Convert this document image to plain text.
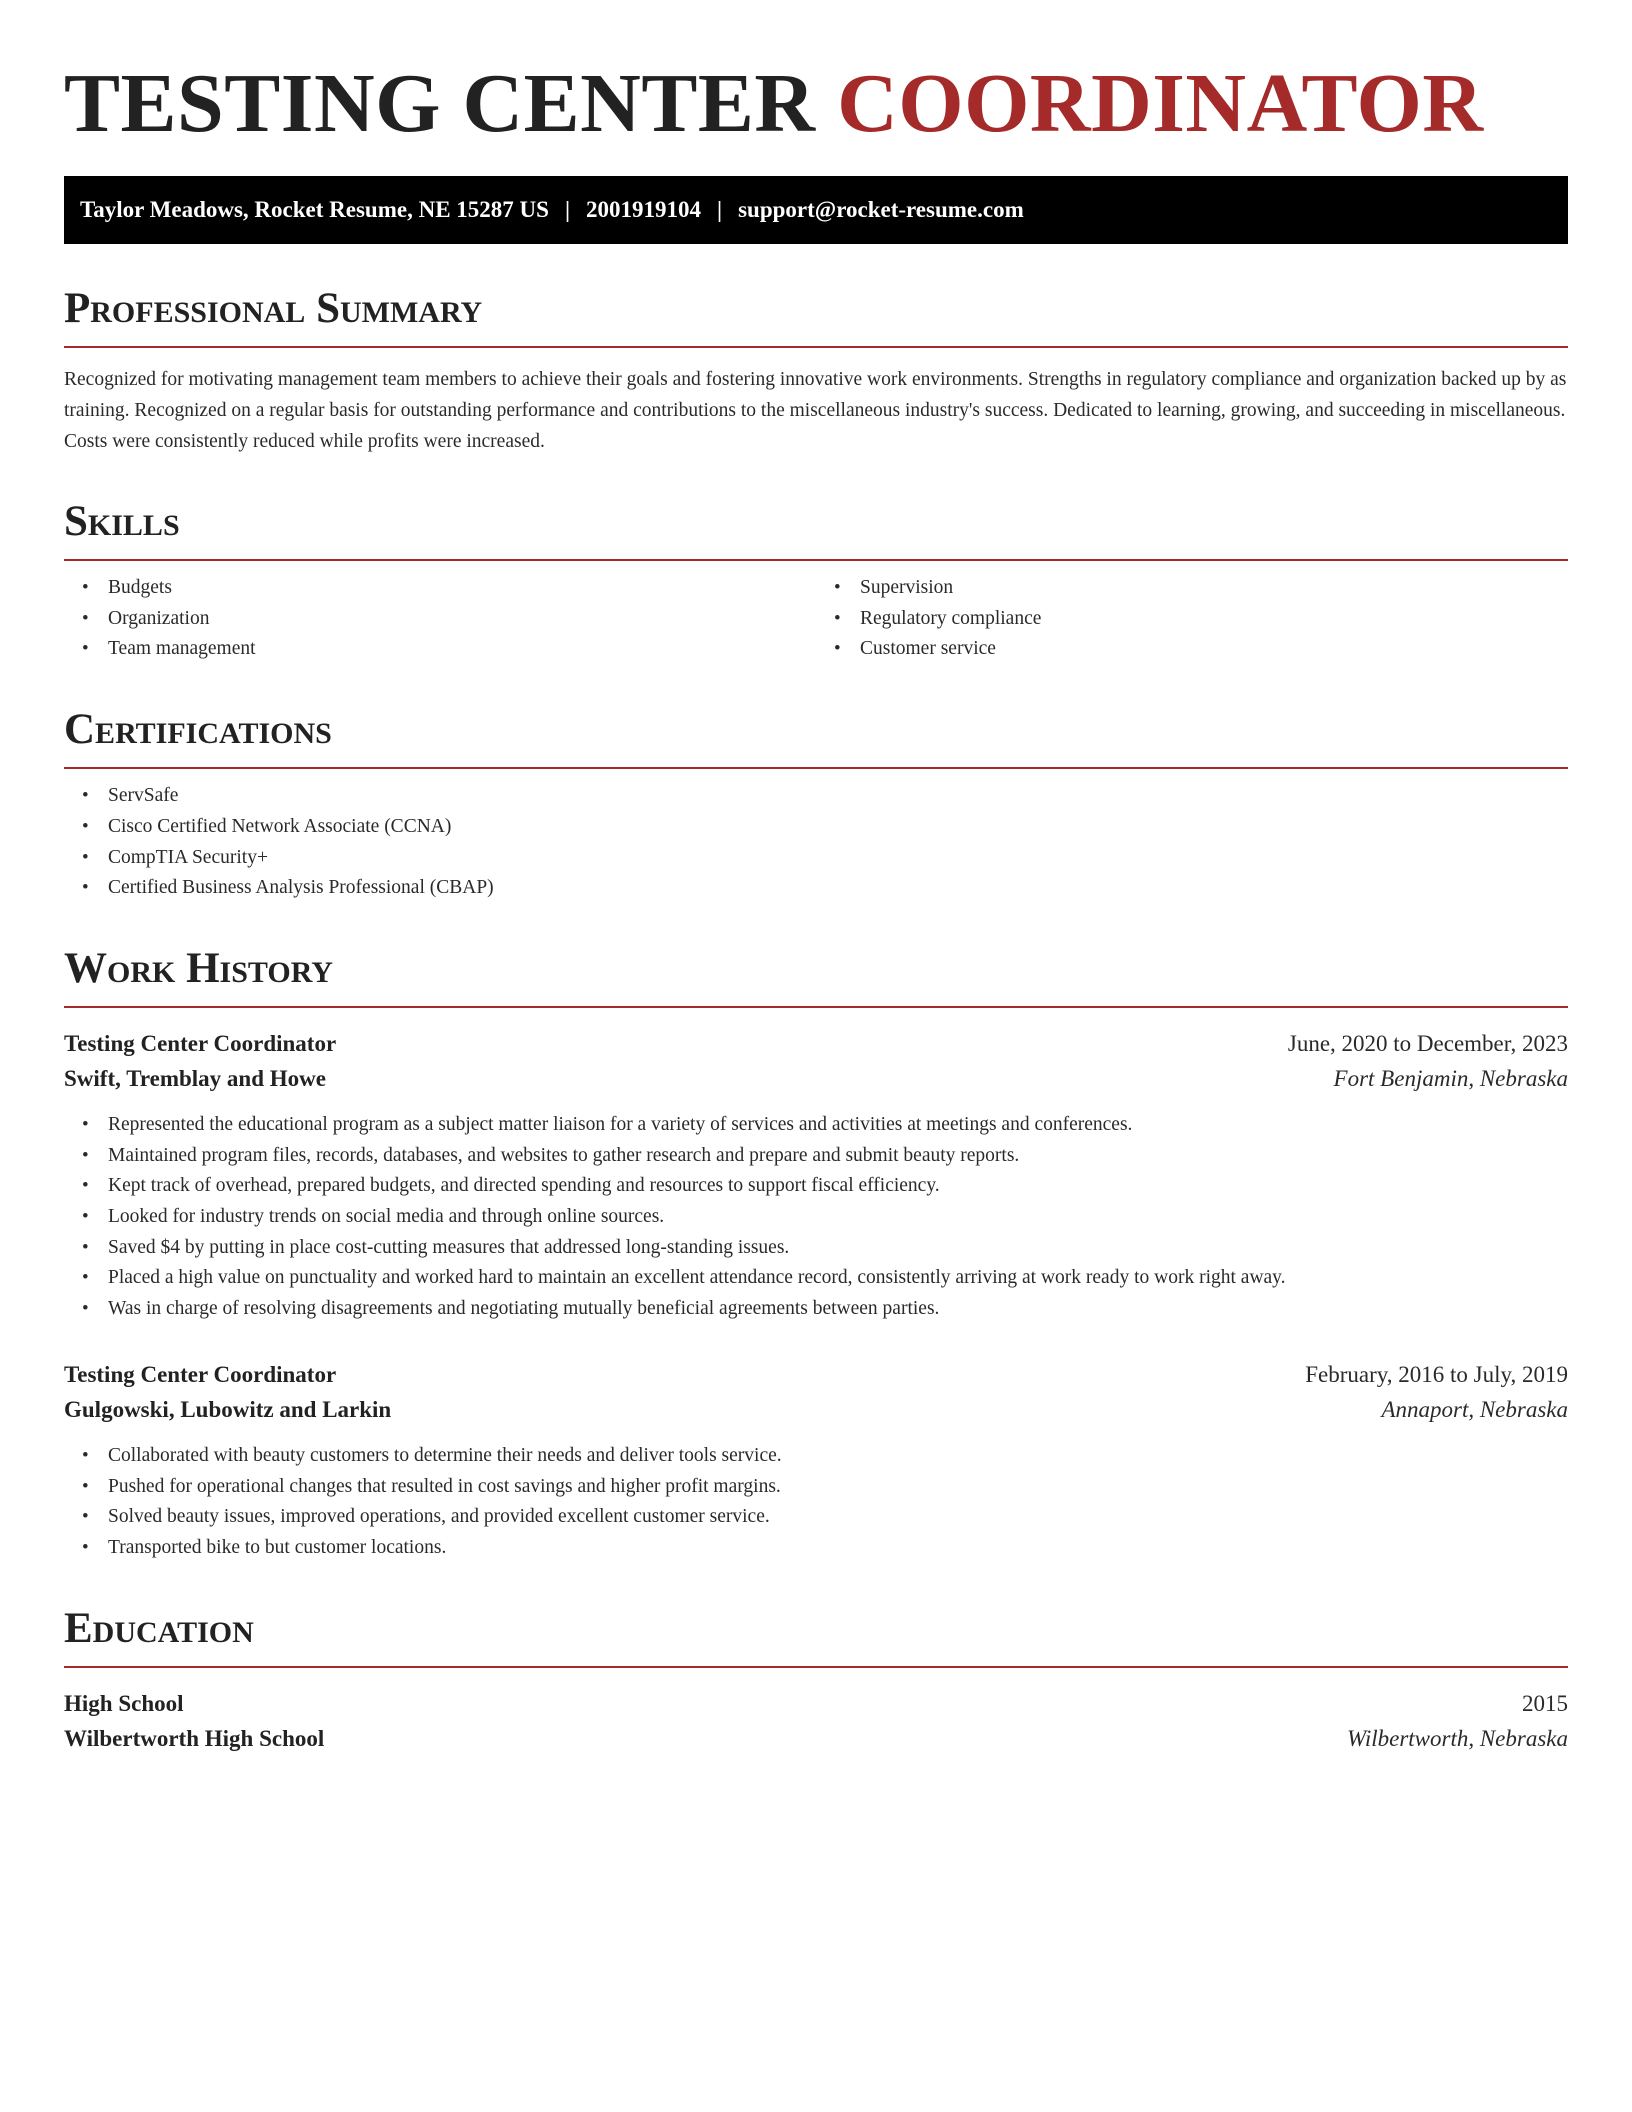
TESTING CENTER COORDINATOR
Taylor Meadows, Rocket Resume, NE 15287 US | 2001919104 | support@rocket-resume.com
Professional Summary

Recognized for motivating management team members to achieve their goals and fostering innovative work environments. Strengths in regulatory compliance and organization backed up by as training. Recognized on a regular basis for outstanding performance and contributions to the miscellaneous industry's success. Dedicated to learning, growing, and succeeding in miscellaneous. Costs were consistently reduced while profits were increased.

Skills
• Budgets
• Organization
• Team management
• Supervision
• Regulatory compliance
• Customer service
Certifications
• ServSafe
• Cisco Certified Network Associate (CCNA)
• CompTIA Security+
• Certified Business Analysis Professional (CBAP)
Work History
Testing Center Coordinator	June, 2020 to December, 2023
Swift, Tremblay and Howe	Fort Benjamin, Nebraska
• Represented the educational program as a subject matter liaison for a variety of services and activities at meetings and conferences.
• Maintained program files, records, databases, and websites to gather research and prepare and submit beauty reports.
• Kept track of overhead, prepared budgets, and directed spending and resources to support fiscal efficiency.
• Looked for industry trends on social media and through online sources.
• Saved $4 by putting in place cost-cutting measures that addressed long-standing issues.
• Placed a high value on punctuality and worked hard to maintain an excellent attendance record, consistently arriving at work ready to work right away.
• Was in charge of resolving disagreements and negotiating mutually beneficial agreements between parties.
Testing Center Coordinator	February, 2016 to July, 2019
Gulgowski, Lubowitz and Larkin	Annaport, Nebraska
• Collaborated with beauty customers to determine their needs and deliver tools service.
• Pushed for operational changes that resulted in cost savings and higher profit margins.
• Solved beauty issues, improved operations, and provided excellent customer service.
• Transported bike to but customer locations.
Education
High School	2015
Wilbertworth High School	Wilbertworth, Nebraska
